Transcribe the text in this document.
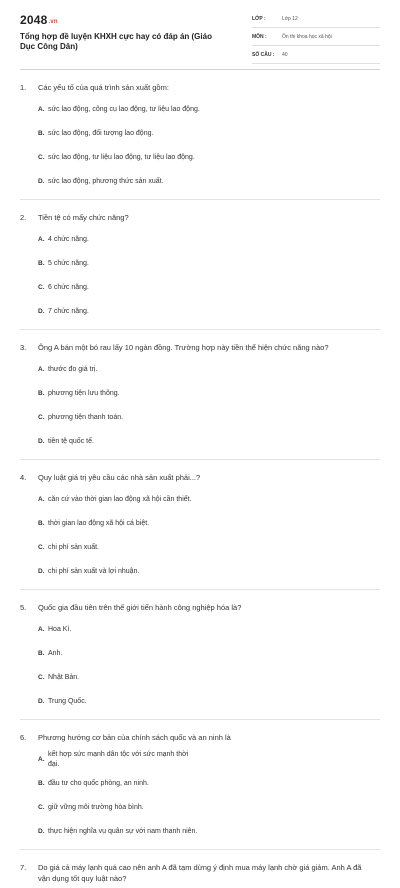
2048.vn
Tổng hợp đề luyện KHXH cực hay có đáp án (Giáo Dục Công Dân)
LỚP :	Lớp 12
MÔN :	Ôn thi khoa học xã hội
SỐ CÂU :	40
1.	Các yếu tố của quá trình sản xuất gồm:
A. sức lao động, công cụ lao động, tư liệu lao động.
B. sức lao động, đối tượng lao động.
C. sức lao động, tư liệu lao động, tư liệu lao động.
D. sức lao động, phương thức sản xuất.
2.	Tiền tệ có mấy chức năng?
A. 4 chức năng.
B. 5 chức năng.
C. 6 chức năng.
D. 7 chức năng.
3.	Ông A bán một bó rau lấy 10 ngàn đồng. Trường hợp này tiền thể hiện chức năng nào?
A. thước đo giá trị.
B. phương tiện lưu thông.
C. phương tiện thanh toán.
D. tiền tệ quốc tế.
4.	Quy luật giá trị yêu cầu các nhà sản xuất phải...?
A. căn cứ vào thời gian lao động xã hội cần thiết.
B. thời gian lao động xã hội cá biệt.
C. chi phí sản xuất.
D. chi phí sản xuất và lợi nhuận.
5.	Quốc gia đầu tiên trên thế giới tiến hành công nghiệp hóa là?
A. Hoa Kì.
B. Anh.
C. Nhật Bản.
D. Trung Quốc.
6.	Phương hướng cơ bản của chính sách quốc và an ninh là
A.
kết hợp sức mạnh dân tộc với sức mạnh thời đại.
B. đầu tư cho quốc phòng, an ninh.
C. giữ vững môi trường hòa bình.
D. thực hiện nghĩa vụ quân sự với nam thanh niên.
7.	Do giá cả máy lạnh quá cao nên anh A đã tạm dừng ý định mua máy lạnh chờ giá giảm. Anh A đã vận dụng tốt quy luật nào?
